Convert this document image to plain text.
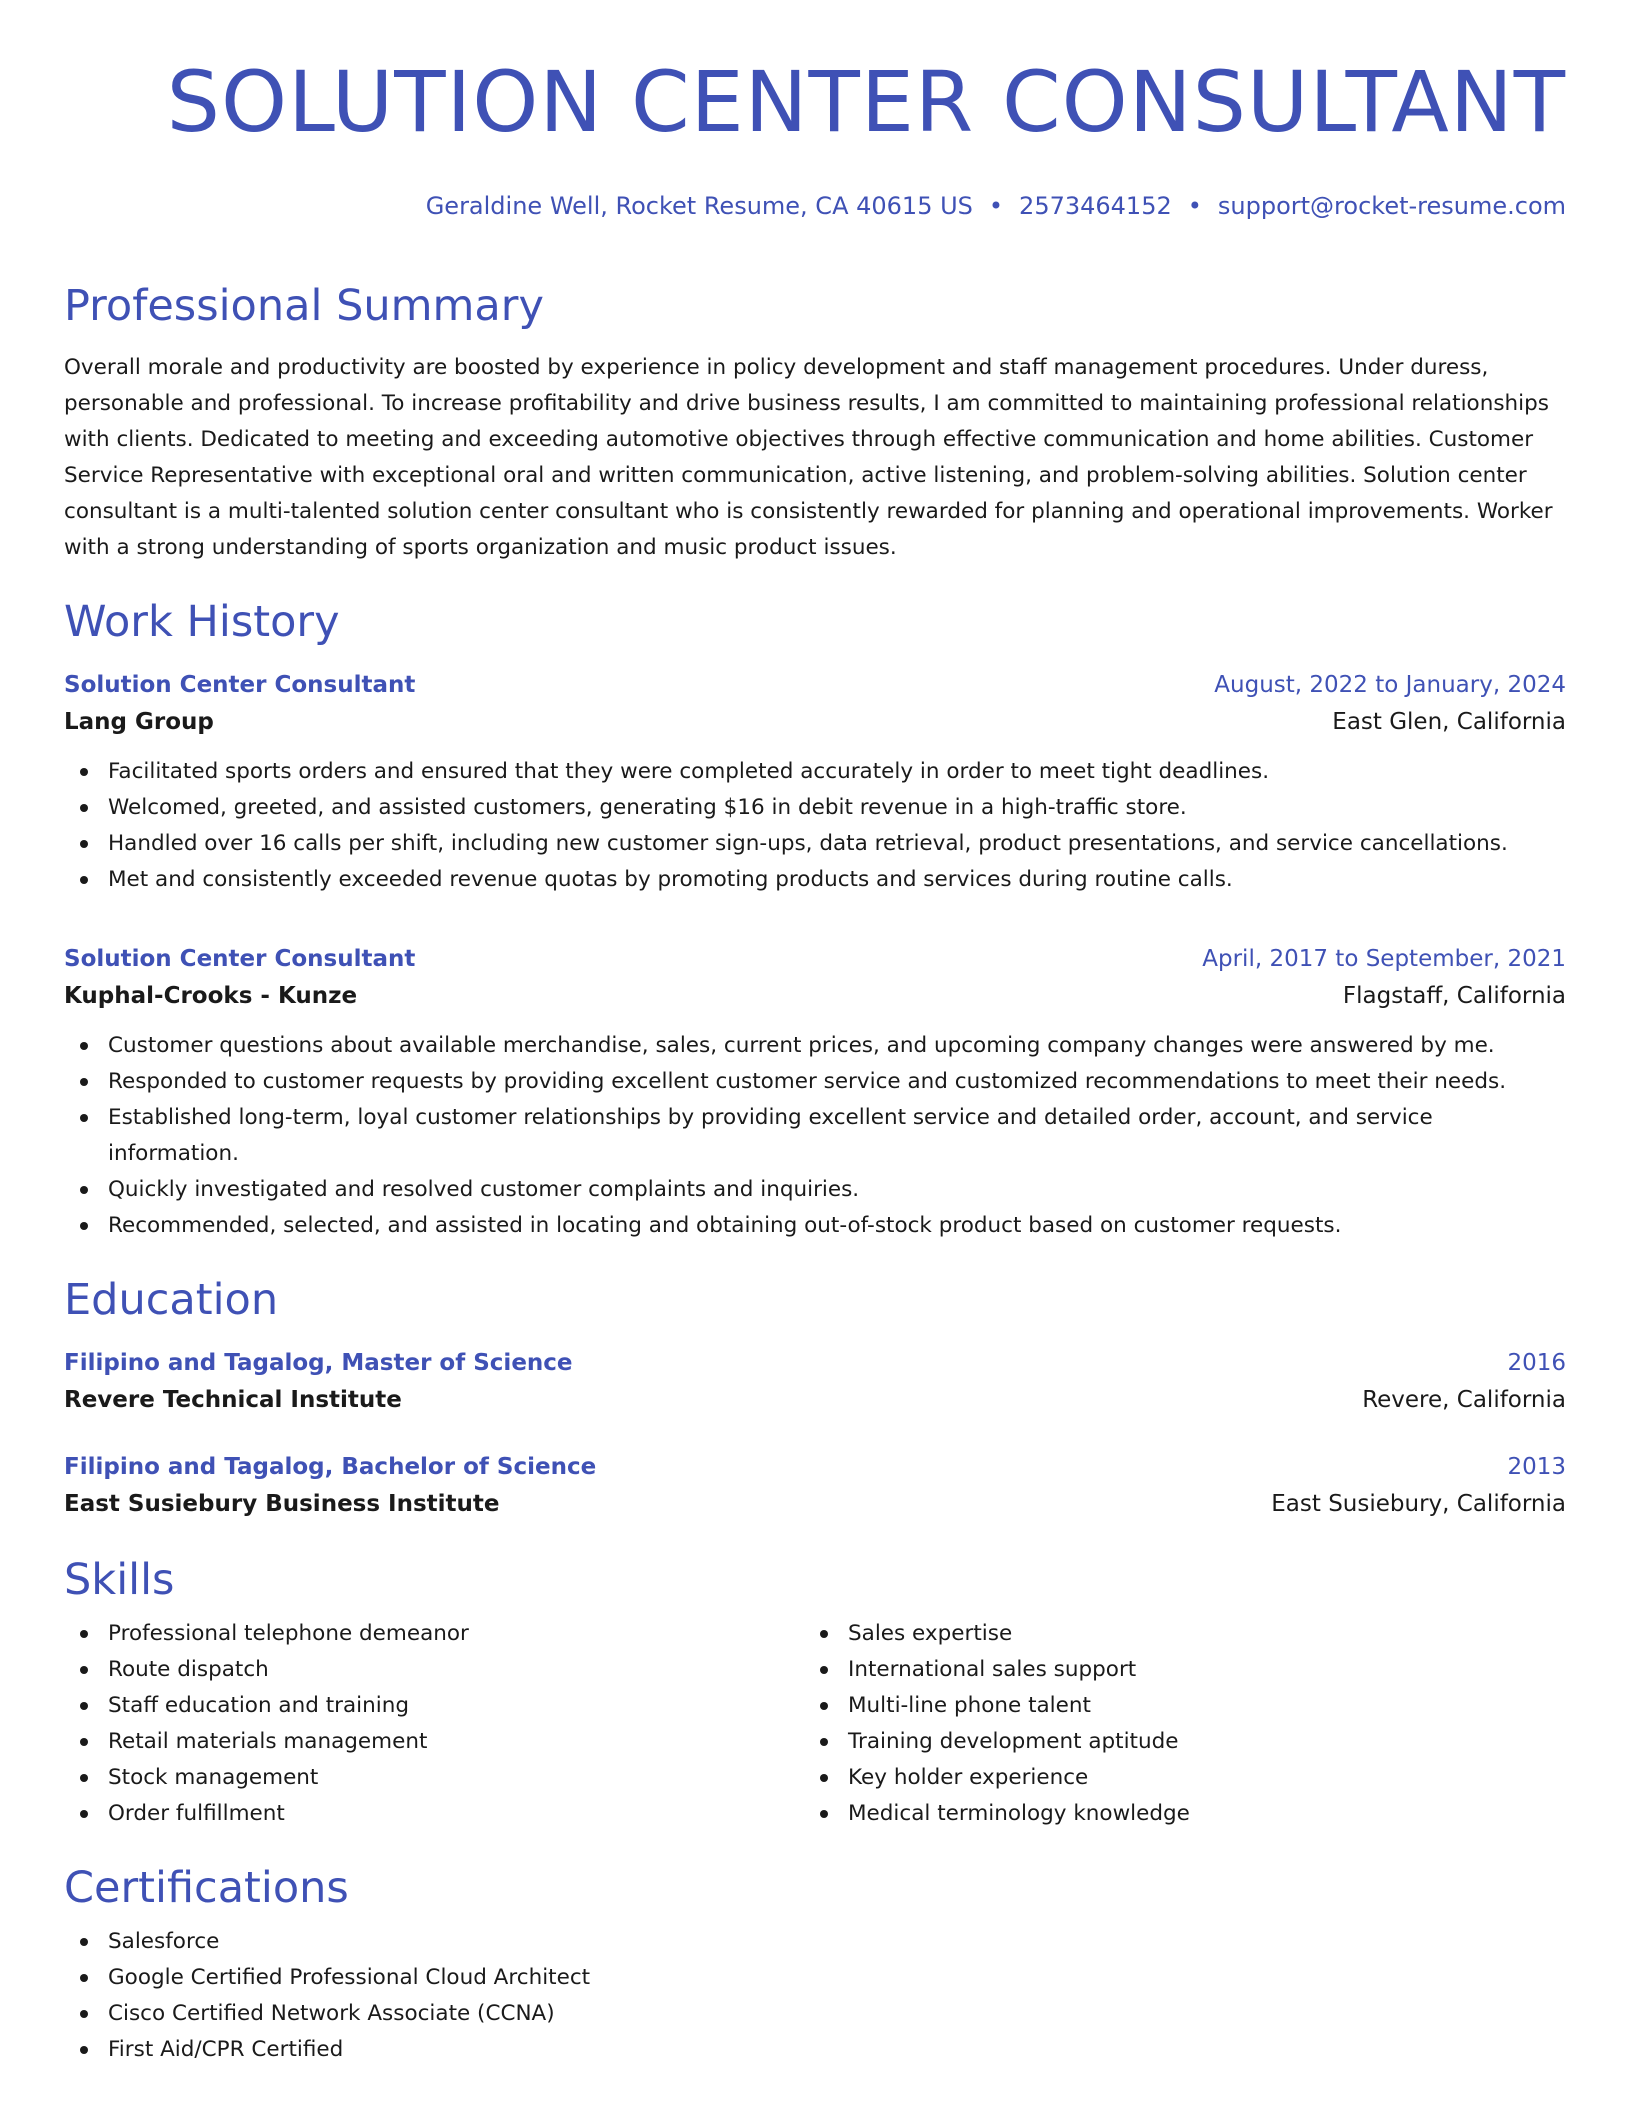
SOLUTION CENTER CONSULTANT
Geraldine Well, Rocket Resume, CA 40615 US • 2573464152 • support@rocket-resume.com
Professional Summary

Overall morale and productivity are boosted by experience in policy development and staff management procedures. Under duress, personable and professional. To increase profitability and drive business results, I am committed to maintaining professional relationships with clients. Dedicated to meeting and exceeding automotive objectives through effective communication and home abilities. Customer Service Representative with exceptional oral and written communication, active listening, and problem-solving abilities. Solution center consultant is a multi-talented solution center consultant who is consistently rewarded for planning and operational improvements. Worker with a strong understanding of sports organization and music product issues.

Work History
Solution Center Consultant	August, 2022 to January, 2024
Lang Group	East Glen, California
Facilitated sports orders and ensured that they were completed accurately in order to meet tight deadlines.
Welcomed, greeted, and assisted customers, generating $16 in debit revenue in a high-traffic store.
Handled over 16 calls per shift, including new customer sign-ups, data retrieval, product presentations, and service cancellations.
Met and consistently exceeded revenue quotas by promoting products and services during routine calls.
Solution Center Consultant	April, 2017 to September, 2021
Kuphal-Crooks - Kunze	Flagstaff, California
Customer questions about available merchandise, sales, current prices, and upcoming company changes were answered by me.
Responded to customer requests by providing excellent customer service and customized recommendations to meet their needs.
Established long-term, loyal customer relationships by providing excellent service and detailed order, account, and service information.
Quickly investigated and resolved customer complaints and inquiries.
Recommended, selected, and assisted in locating and obtaining out-of-stock product based on customer requests.
Education
Filipino and Tagalog, Master of Science	2016
Revere Technical Institute	Revere, California
Filipino and Tagalog, Bachelor of Science	2013
East Susiebury Business Institute	East Susiebury, California
Skills
Professional telephone demeanor
Route dispatch
Staff education and training
Retail materials management
Stock management
Order fulfillment
Sales expertise
International sales support
Multi-line phone talent
Training development aptitude
Key holder experience
Medical terminology knowledge
Certifications
Salesforce
Google Certified Professional Cloud Architect
Cisco Certified Network Associate (CCNA)
First Aid/CPR Certified
